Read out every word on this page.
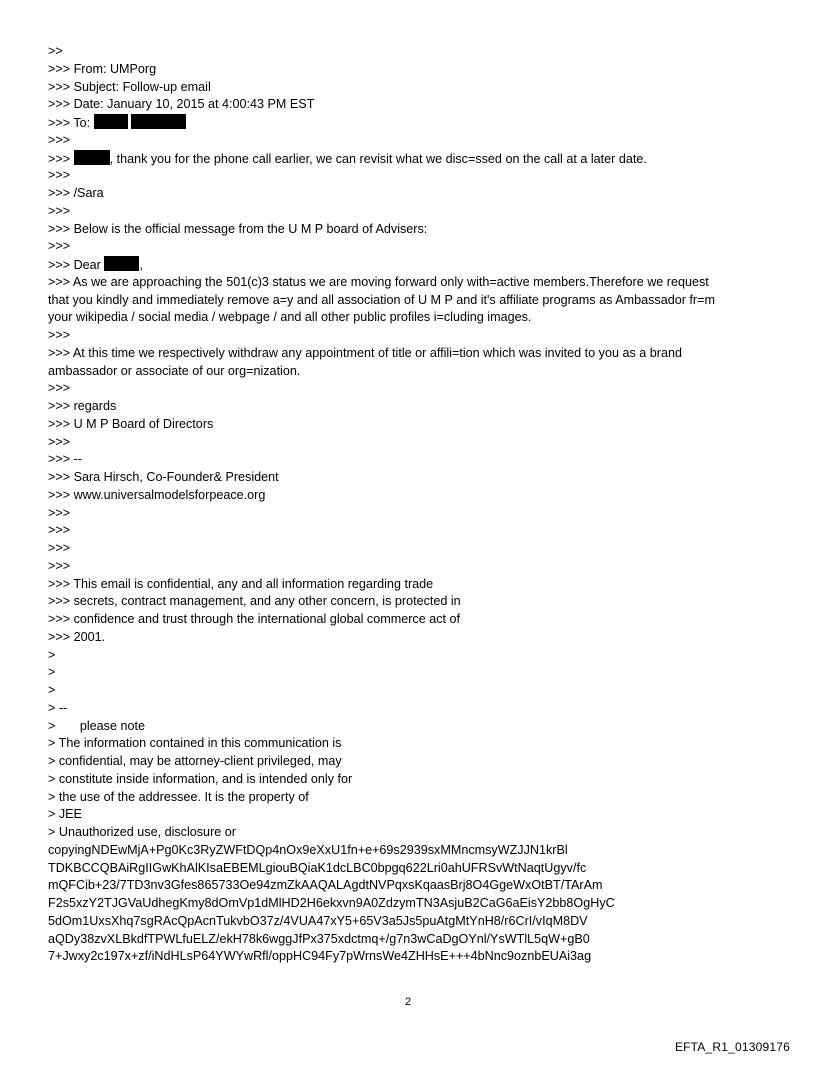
>>
>>> From: UMPorg
>>> Subject: Follow-up email
>>> Date: January 10, 2015 at 4:00:43 PM EST
>>> To:
>>>
>>>	, thank you for the phone call earlier, we can revisit what we disc=ssed on the call at a later date.
>>>
>>> /Sara
>>>
>>> Below is the official message from the U M P board of Advisers:
>>>
>>> Dear	,
>>> As we are approaching the 501(c)3 status we are moving forward only with=active members.Therefore we request
that you kindly and immediately remove a=y and all association of U M P and it's affiliate programs as Ambassador fr=m
your wikipedia / social media / webpage / and all other public profiles i=cluding images.
>>>
>>> At this time we respectively withdraw any appointment of title or affili=tion which was invited to you as a brand
ambassador or associate of our org=nization.
>>>
>>> regards
>>> U M P Board of Directors
>>>
>>> --
>>> Sara Hirsch, Co-Founder& President
>>> www.universalmodelsforpeace.org
>>>
>>>
>>>
>>>
>>> This email is confidential, any and all information regarding trade
>>> secrets, contract management, and any other concern, is protected in
>>> confidence and trust through the international global commerce act of
>>> 2001.
>
>
>
> --
>       please note
> The information contained in this communication is
> confidential, may be attorney-client privileged, may
> constitute inside information, and is intended only for
> the use of the addressee. It is the property of
> JEE
> Unauthorized use, disclosure or
copyingNDEwMjA+Pg0Kc3RyZWFtDQp4nOx9eXxU1fn+e+69s2939sxMMncmsyWZJJN1krBl
TDKBCCQBAiRgIIGwKhAlKIsaEBEMLgiouBQiaK1dcLBC0bpgq622Lri0ahUFRSvWtNaqtUgyv/fc
mQFCib+23/7TD3nv3Gfes865733Oe94zmZkAAQALAgdtNVPqxsKqaasBrj8O4GgeWxOtBT/TArAm
F2s5xzY2TJGVaUdhegKmy8dOmVp1dMlHD2H6ekxvn9A0ZdzymTN3AsjuB2CaG6aEisY2bb8OgHyC
5dOm1UxsXhq7sgRAcQpAcnTukvbO37z/4VUA47xY5+65V3a5Js5puAtgMtYnH8/r6CrI/vIqM8DV
aQDy38zvXLBkdfTPWLfuELZ/ekH78k6wggJfPx375xdctmq+/g7n3wCaDgOYnl/YsWTlL5qW+gB0
7+Jwxy2c197x+zf/iNdHLsP64YWYwRfl/oppHC94Fy7pWrnsWe4ZHHsE+++4bNnc9oznbEUAi3ag
2
EFTA_R1_01309176
